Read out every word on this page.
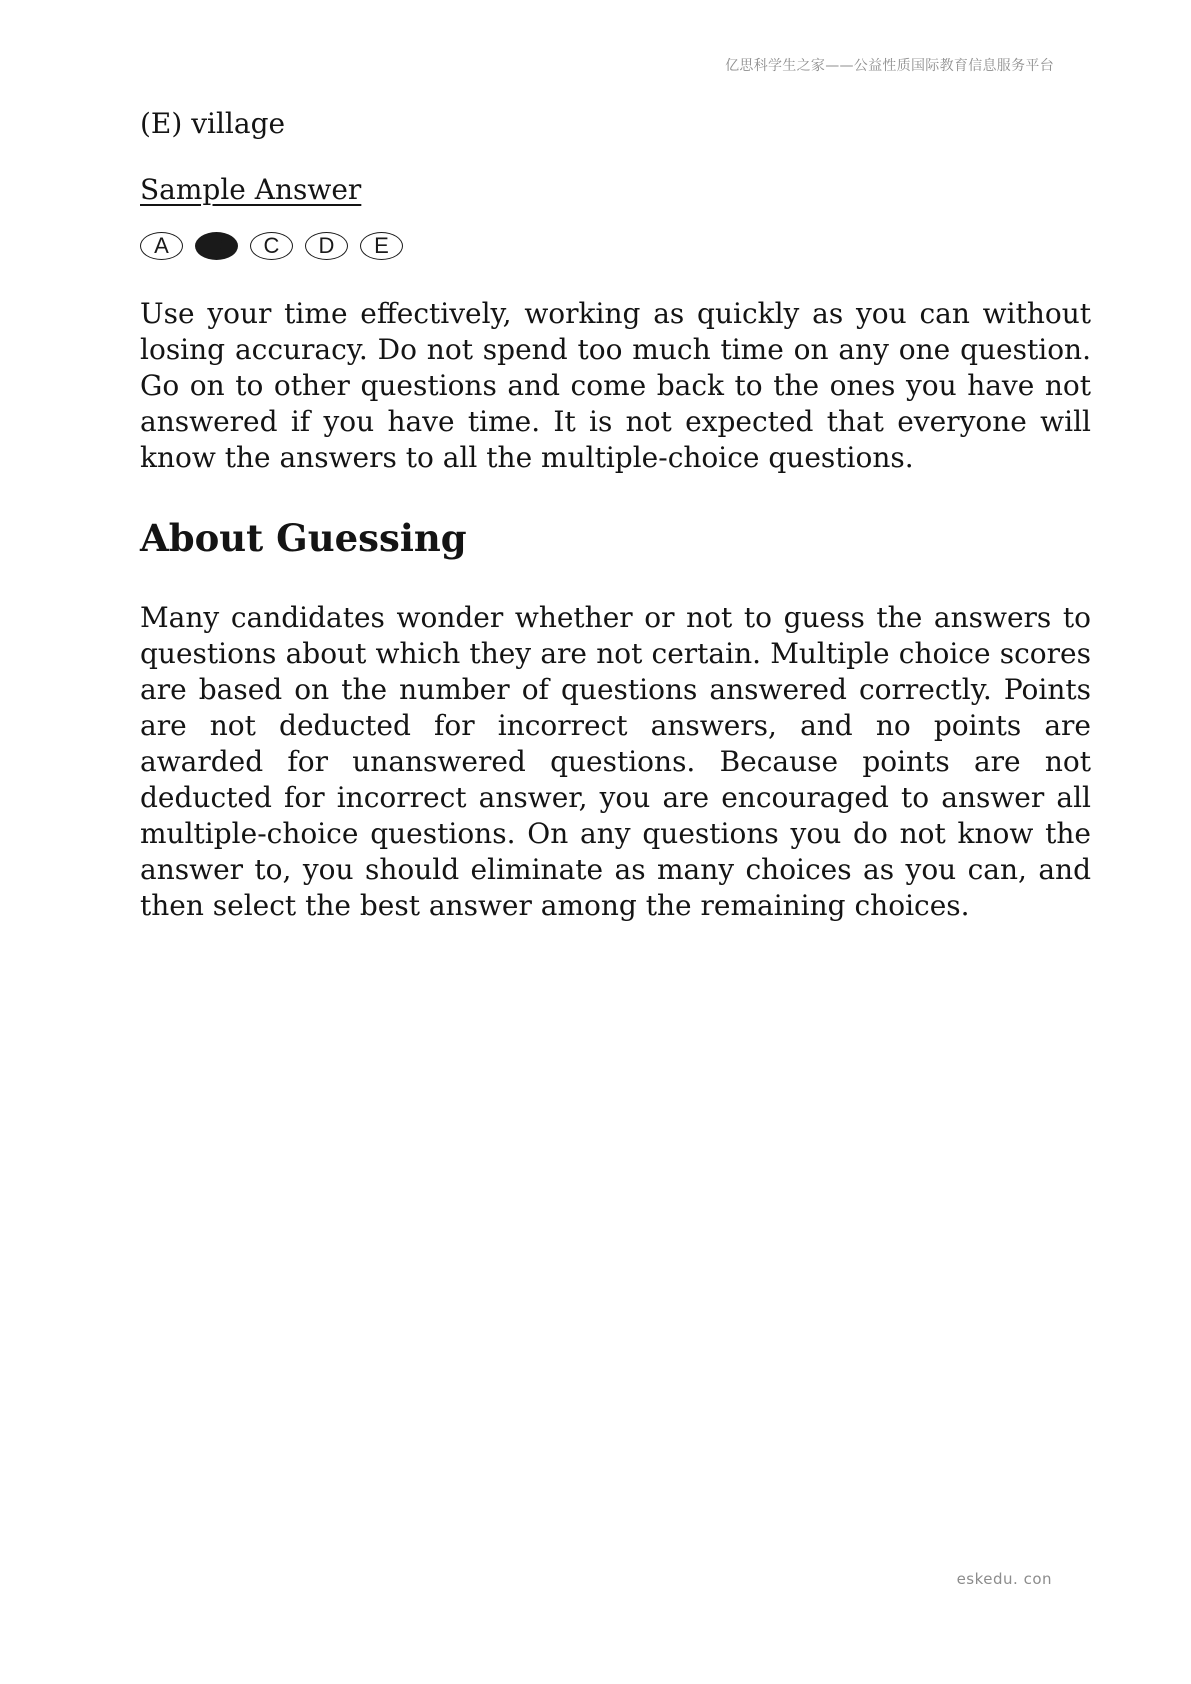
亿思科学生之家——公益性质国际教育信息服务平台

(E) village

Sample Answer

A	B	C	D	E

Use your time effectively, working as quickly as you can without losing accuracy. Do not spend too much time on any one question. Go on to other questions and come back to the ones you have not answered if you have time. It is not expected that everyone will know the answers to all the multiple-choice questions.

About Guessing

Many candidates wonder whether or not to guess the answers to questions about which they are not certain. Multiple choice scores are based on the number of questions answered correctly. Points are not deducted for incorrect answers, and no points are awarded for unanswered questions. Because points are not deducted for incorrect answer, you are encouraged to answer all multiple-choice questions. On any questions you do not know the answer to, you should eliminate as many choices as you can, and then select the best answer among the remaining choices.

eskedu. con
